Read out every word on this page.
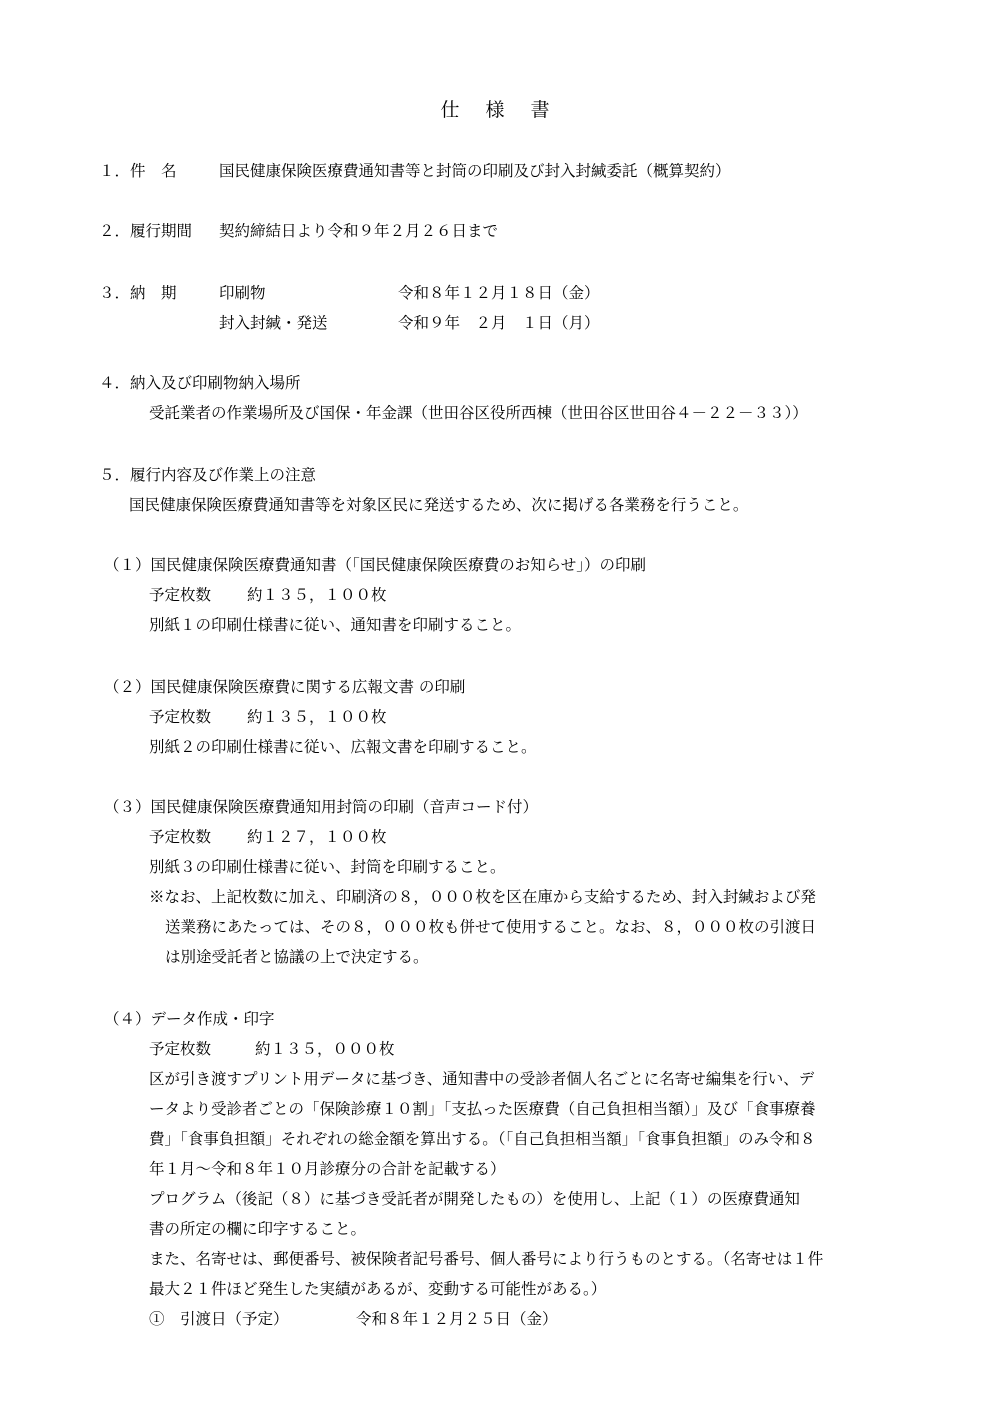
仕 様 書
１．件　名	国民健康保険医療費通知書等と封筒の印刷及び封入封緘委託（概算契約）
２．履行期間 契約締結日より令和９年２月２６日まで
３．納　期	印刷物	令和８年１２月１８日（金）
封入封緘・発送	令和９年　２月　１日（月）
４．納入及び印刷物納入場所
受託業者の作業場所及び国保・年金課（世田谷区役所西棟（世田谷区世田谷４－２２－３３））
５．履行内容及び作業上の注意
国民健康保険医療費通知書等を対象区民に発送するため、次に掲げる各業務を行うこと。
（１）国民健康保険医療費通知書（「国民健康保険医療費のお知らせ」）の印刷
予定枚数 約１３５，１００枚
別紙１の印刷仕様書に従い、通知書を印刷すること。
（２）国民健康保険医療費に関する広報文書 の印刷
予定枚数 約１３５，１００枚
別紙２の印刷仕様書に従い、広報文書を印刷すること。
（３）国民健康保険医療費通知用封筒の印刷（音声コード付）
予定枚数 約１２７，１００枚
別紙３の印刷仕様書に従い、封筒を印刷すること。
※なお、上記枚数に加え、印刷済の８，０００枚を区在庫から支給するため、封入封緘および発
送業務にあたっては、その８，０００枚も併せて使用すること。なお、８，０００枚の引渡日
は別途受託者と協議の上で決定する。
（４）データ作成・印字
予定枚数	約１３５，０００枚
区が引き渡すプリント用データに基づき、通知書中の受診者個人名ごとに名寄せ編集を行い、デ
ータより受診者ごとの「保険診療１０割」「支払った医療費（自己負担相当額）」及び「食事療養
費」「食事負担額」それぞれの総金額を算出する。（「自己負担相当額」「食事負担額」のみ令和８
年１月～令和８年１０月診療分の合計を記載する）
プログラム（後記（８）に基づき受託者が開発したもの）を使用し、上記（１）の医療費通知
書の所定の欄に印字すること。
また、名寄せは、郵便番号、被保険者記号番号、個人番号により行うものとする。（名寄せは１件
最大２１件ほど発生した実績があるが、変動する可能性がある。）
①　引渡日（予定）	令和８年１２月２５日（金）
